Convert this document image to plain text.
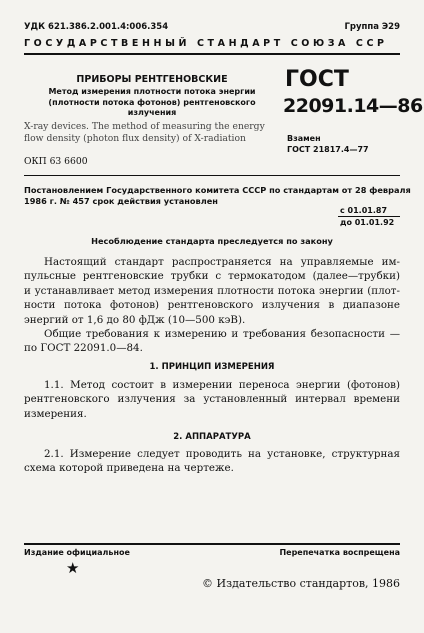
УДК 621.386.2.001.4:006.354	Группа Э29
ГОСУДАРСТВЕННЫЙ СТАНДАРТ СОЮЗА ССР
ПРИБОРЫ РЕНТГЕНОВСКИЕ
Метод измерения плотности потока энергии
(плотности потока фотонов) рентгеновского
излучения
X-ray devices. The method of measuring the energy
flow density (photon flux density) of X-radiation
ГОСТ
22091.14—86
Взамен
ГОСТ 21817.4—77
ОКП 63 6600
Постановлением Государственного комитета СССР по стандартам от 28 февраля
1986 г. № 457 срок действия установлен
с 01.01.87
до 01.01.92
Несоблюдение стандарта преследуется по закону
Настоящий стандарт распространяется на управляемые им-
пульсные рентгеновские трубки с термокатодом (далее—трубки)
и устанавливает метод измерения плотности потока энергии (плот-
ности потока фотонов) рентгеновского излучения в диапазоне
энергий от 1,6 до 80 фДж (10—500 кэВ).
Общие требования к измерению и требования безопасности —
по ГОСТ 22091.0—84.
1. ПРИНЦИП ИЗМЕРЕНИЯ
1.1. Метод состоит в измерении переноса энергии (фотонов)
рентгеновского излучения за установленный интервал времени
измерения.
2. АППАРАТУРА
2.1. Измерение следует проводить на установке, структурная
схема которой приведена на чертеже.
Издание официальное	Перепечатка воспрещена
★
© Издательство стандартов, 1986
